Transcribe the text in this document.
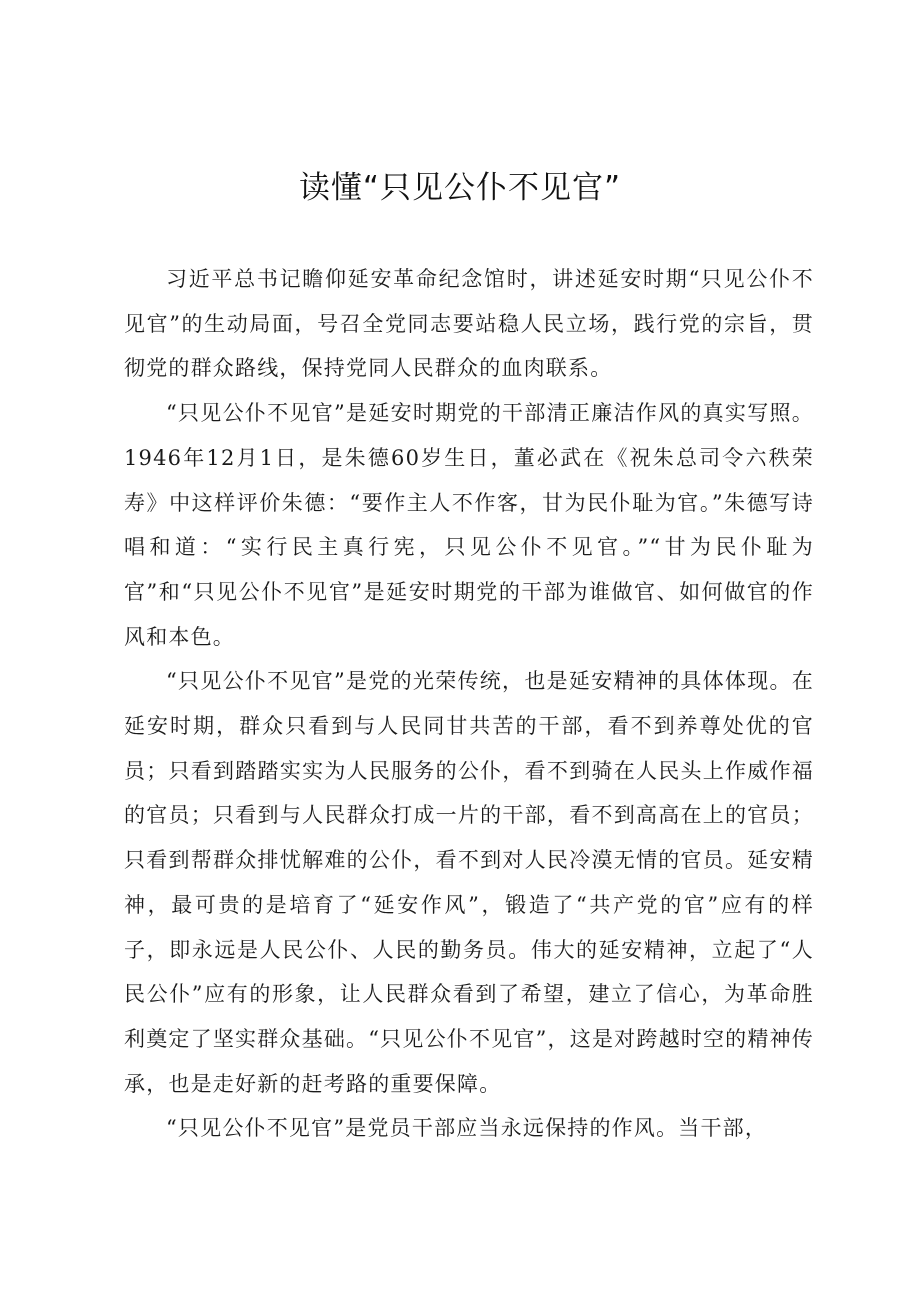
读懂“只见公仆不见官”

习近平总书记瞻仰延安革命纪念馆时，讲述延安时期“只见公仆不见官”的生动局面，号召全党同志要站稳人民立场，践行党的宗旨，贯彻党的群众路线，保持党同人民群众的血肉联系。

“只见公仆不见官”是延安时期党的干部清正廉洁作风的真实写照。1946年12月1日，是朱德60岁生日，董必武在《祝朱总司令六秩荣寿》中这样评价朱德：“要作主人不作客，甘为民仆耻为官。”朱德写诗唱和道：“实行民主真行宪，只见公仆不见官。”“甘为民仆耻为官”和“只见公仆不见官”是延安时期党的干部为谁做官、如何做官的作风和本色。

“只见公仆不见官”是党的光荣传统，也是延安精神的具体体现。在延安时期，群众只看到与人民同甘共苦的干部，看不到养尊处优的官员；只看到踏踏实实为人民服务的公仆，看不到骑在人民头上作威作福的官员；只看到与人民群众打成一片的干部，看不到高高在上的官员；只看到帮群众排忧解难的公仆，看不到对人民冷漠无情的官员。延安精神，最可贵的是培育了“延安作风”，锻造了“共产党的官”应有的样子，即永远是人民公仆、人民的勤务员。伟大的延安精神，立起了“人民公仆”应有的形象，让人民群众看到了希望，建立了信心，为革命胜利奠定了坚实群众基础。“只见公仆不见官”，这是对跨越时空的精神传承，也是走好新的赶考路的重要保障。

“只见公仆不见官”是党员干部应当永远保持的作风。当干部，
